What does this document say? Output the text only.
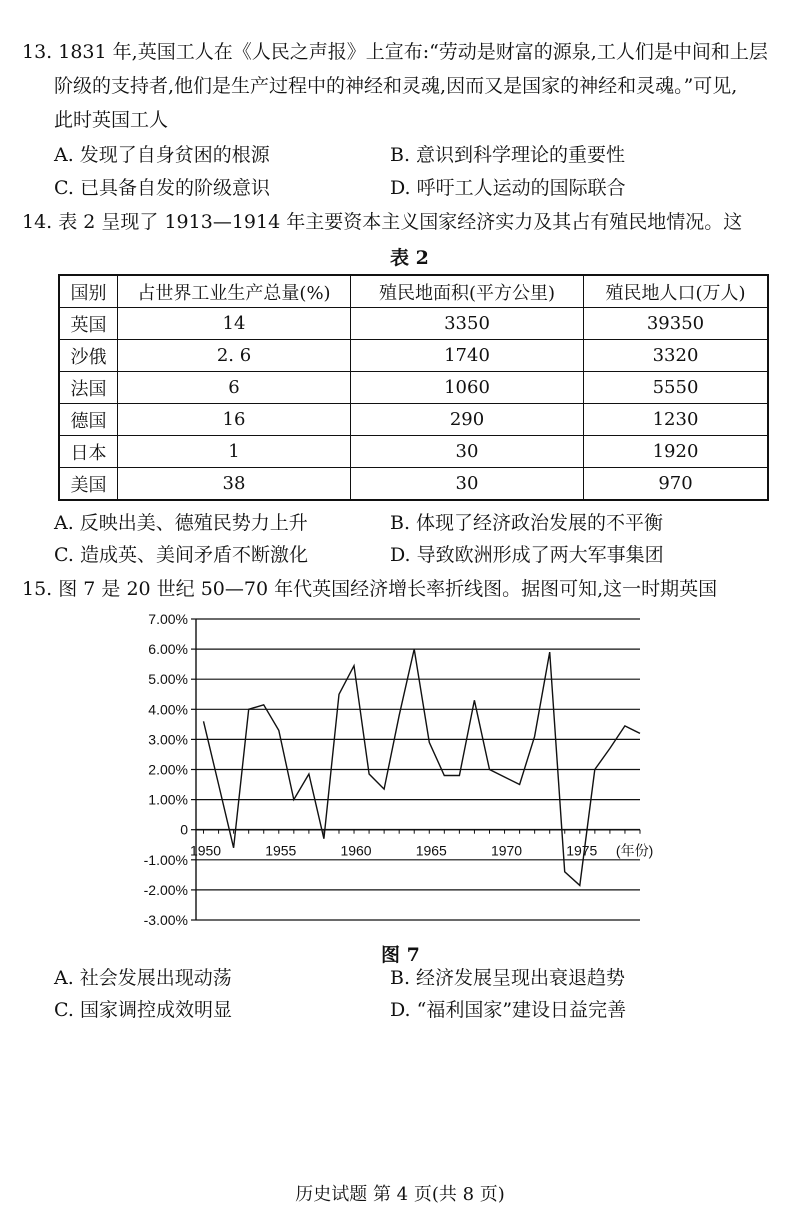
13. 1831 年,英国工人在《人民之声报》上宣布:“劳动是财富的源泉,工人们是中间和上层
阶级的支持者,他们是生产过程中的神经和灵魂,因而又是国家的神经和灵魂。”可见,
此时英国工人
A. 发现了自身贫困的根源	B. 意识到科学理论的重要性
C. 已具备自发的阶级意识	D. 呼吁工人运动的国际联合
14. 表 2 呈现了 1913—1914 年主要资本主义国家经济实力及其占有殖民地情况。这
表 2
国别	占世界工业生产总量(%)	殖民地面积(平方公里)	殖民地人口(万人)
英国	14	3350	39350
沙俄	2. 6	1740	3320
法国	6	1060	5550
德国	16	290	1230
日本	1	30	1920
美国	38	30	970
A. 反映出美、德殖民势力上升	B. 体现了经济政治发展的不平衡
C. 造成英、美间矛盾不断激化	D. 导致欧洲形成了两大军事集团
15. 图 7 是 20 世纪 50—70 年代英国经济增长率折线图。据图可知,这一时期英国
7.00%
6.00%
5.00%
4.00%
3.00%
2.00%
1.00%
0
-1.00%
-2.00%
-3.00%
1950	1955	1960	1965	1970	1975 (年份)
图 7
A. 社会发展出现动荡	B. 经济发展呈现出衰退趋势
C. 国家调控成效明显	D. “福利国家”建设日益完善
历史试题 第 4 页(共 8 页)
